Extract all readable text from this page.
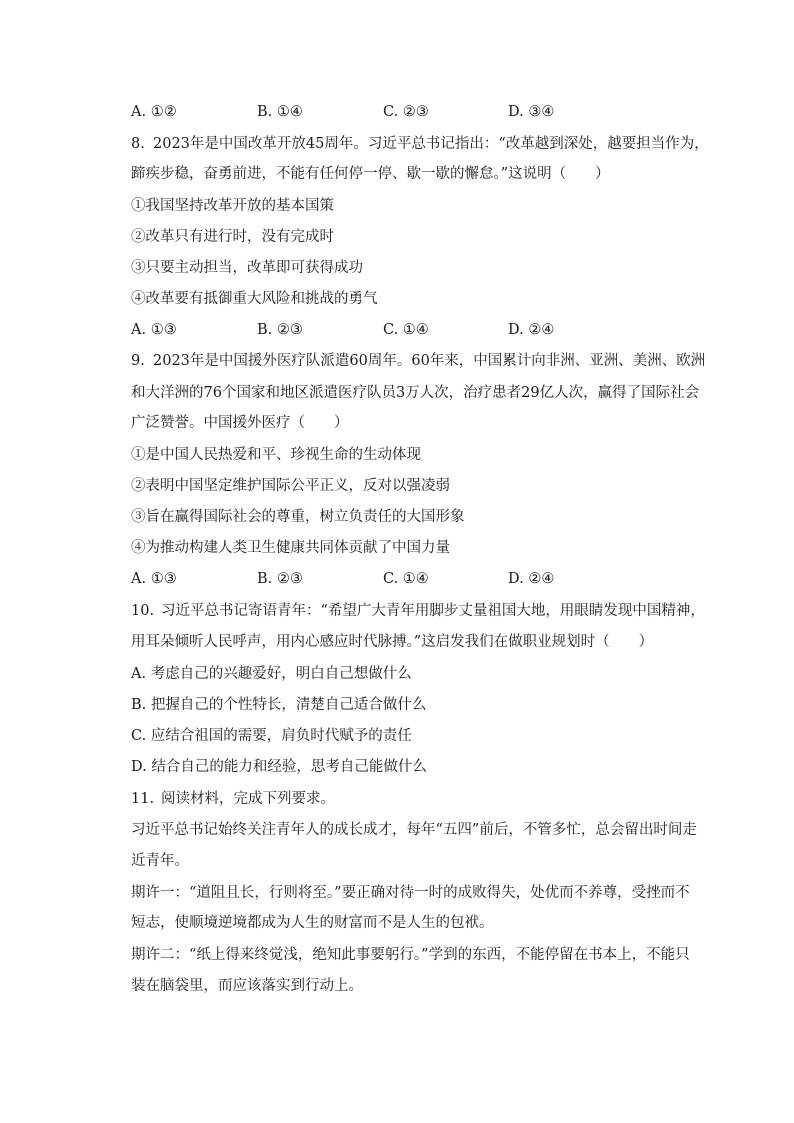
A. ①②	B. ①④	C. ②③	D. ③④
8. 2023年是中国改革开放45周年。习近平总书记指出：“改革越到深处，越要担当作为，
蹄疾步稳，奋勇前进，不能有任何停一停、歇一歇的懈怠。”这说明（　　）
①我国坚持改革开放的基本国策
②改革只有进行时，没有完成时
③只要主动担当，改革即可获得成功
④改革要有抵御重大风险和挑战的勇气
A. ①③	B. ②③	C. ①④	D. ②④
9. 2023年是中国援外医疗队派遣60周年。60年来，中国累计向非洲、亚洲、美洲、欧洲
和大洋洲的76个国家和地区派遣医疗队员3万人次，治疗患者29亿人次，赢得了国际社会
广泛赞誉。中国援外医疗（　　）
①是中国人民热爱和平、珍视生命的生动体现
②表明中国坚定维护国际公平正义，反对以强凌弱
③旨在赢得国际社会的尊重，树立负责任的大国形象
④为推动构建人类卫生健康共同体贡献了中国力量
A. ①③	B. ②③	C. ①④	D. ②④
10. 习近平总书记寄语青年：“希望广大青年用脚步丈量祖国大地，用眼睛发现中国精神，
用耳朵倾听人民呼声，用内心感应时代脉搏。”这启发我们在做职业规划时（　　）
A. 考虑自己的兴趣爱好，明白自己想做什么
B. 把握自己的个性特长，清楚自己适合做什么
C. 应结合祖国的需要，肩负时代赋予的责任
D. 结合自己的能力和经验，思考自己能做什么
11. 阅读材料，完成下列要求。
习近平总书记始终关注青年人的成长成才，每年“五四”前后，不管多忙，总会留出时间走
近青年。
期许一：“道阻且长，行则将至。”要正确对待一时的成败得失，处优而不养尊，受挫而不
短志，使顺境逆境都成为人生的财富而不是人生的包袱。
期许二：“纸上得来终觉浅，绝知此事要躬行。”学到的东西，不能停留在书本上，不能只
装在脑袋里，而应该落实到行动上。
